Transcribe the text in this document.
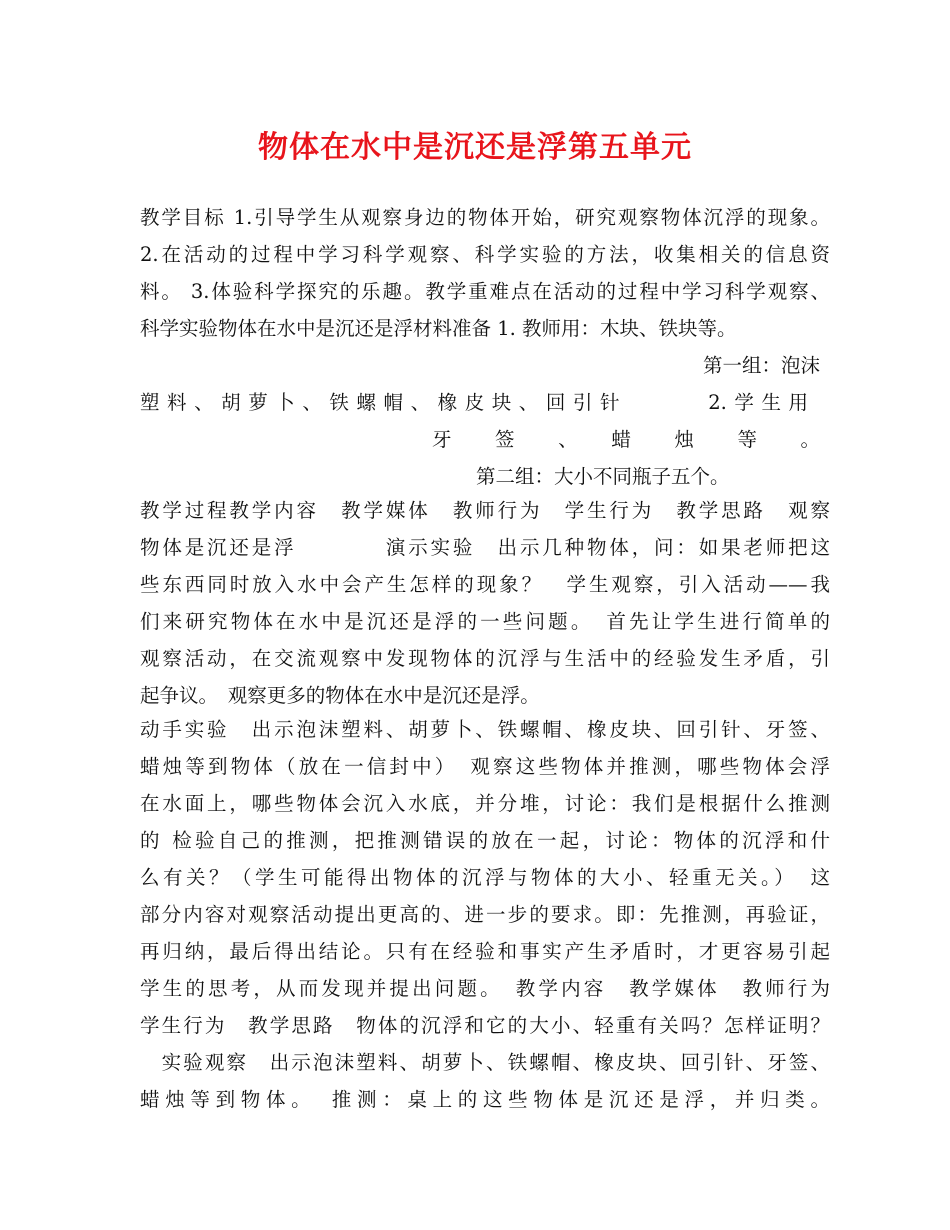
物体在水中是沉还是浮第五单元
教学目标 1.引导学生从观察身边的物体开始，研究观察物体沉浮的现象。
2.在活动的过程中学习科学观察、科学实验的方法，收集相关的信息资
料。 3.体验科学探究的乐趣。教学重难点在活动的过程中学习科学观察、
科学实验物体在水中是沉还是浮材料准备 1. 教师用：木块、铁块等。
第一组：泡沫
塑料、胡萝卜、铁螺帽、橡皮块、回引针　　　2.学生用
牙　　签　　、　　蜡　　烛　　等　　。
第二组：大小不同瓶子五个。
教学过程教学内容　教学媒体　教师行为　学生行为　教学思路　观察
物体是沉还是浮　　　　演示实验　出示几种物体，问：如果老师把这
些东西同时放入水中会产生怎样的现象？　学生观察，引入活动——我
们来研究物体在水中是沉还是浮的一些问题。　首先让学生进行简单的
观察活动，在交流观察中发现物体的沉浮与生活中的经验发生矛盾，引
起争议。　观察更多的物体在水中是沉还是浮。
动手实验　出示泡沫塑料、胡萝卜、铁螺帽、橡皮块、回引针、牙签、
蜡烛等到物体（放在一信封中）　观察这些物体并推测，哪些物体会浮
在水面上，哪些物体会沉入水底，并分堆，讨论：我们是根据什么推测
的 检验自己的推测，把推测错误的放在一起，讨论：物体的沉浮和什
么有关？（学生可能得出物体的沉浮与物体的大小、轻重无关。）　这
部分内容对观察活动提出更高的、进一步的要求。即：先推测，再验证，
再归纳，最后得出结论。只有在经验和事实产生矛盾时，才更容易引起
学生的思考，从而发现并提出问题。　教学内容　教学媒体　教师行为
学生行为　教学思路　物体的沉浮和它的大小、轻重有关吗？怎样证明？
　实验观察　出示泡沫塑料、胡萝卜、铁螺帽、橡皮块、回引针、牙签、
蜡烛等到物体。　推测：桌上的这些物体是沉还是浮，并归类。
